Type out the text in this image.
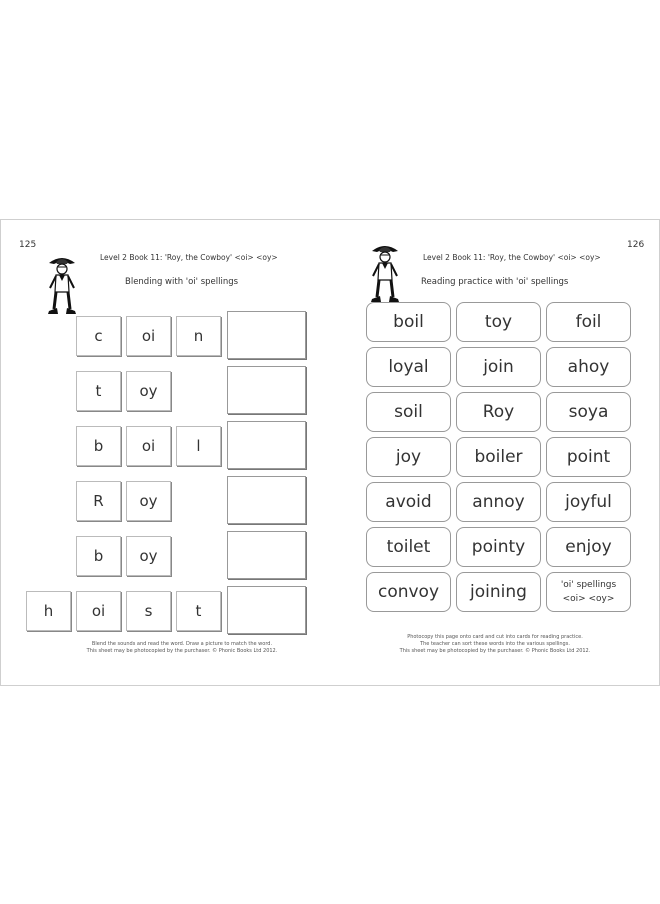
125
Level 2 Book 11: 'Roy, the Cowboy' <oi> <oy>
Blending with 'oi' spellings
c	oi	n
t	oy
b	oi	l
R	oy
b	oy
h	oi	s	t
Blend the sounds and read the word. Draw a picture to match the word.
This sheet may be photocopied by the purchaser. © Phonic Books Ltd 2012.
126
Level 2 Book 11: 'Roy, the Cowboy' <oi> <oy>
Reading practice with 'oi' spellings
boil	toy	foil
loyal	join	ahoy
soil	Roy	soya
joy	boiler	point
avoid	annoy	joyful
toilet	pointy	enjoy
convoy	joining	'oi' spellings
<oi> <oy>
Photocopy this page onto card and cut into cards for reading practice.
The teacher can sort these words into the various spellings.
This sheet may be photocopied by the purchaser. © Phonic Books Ltd 2012.
